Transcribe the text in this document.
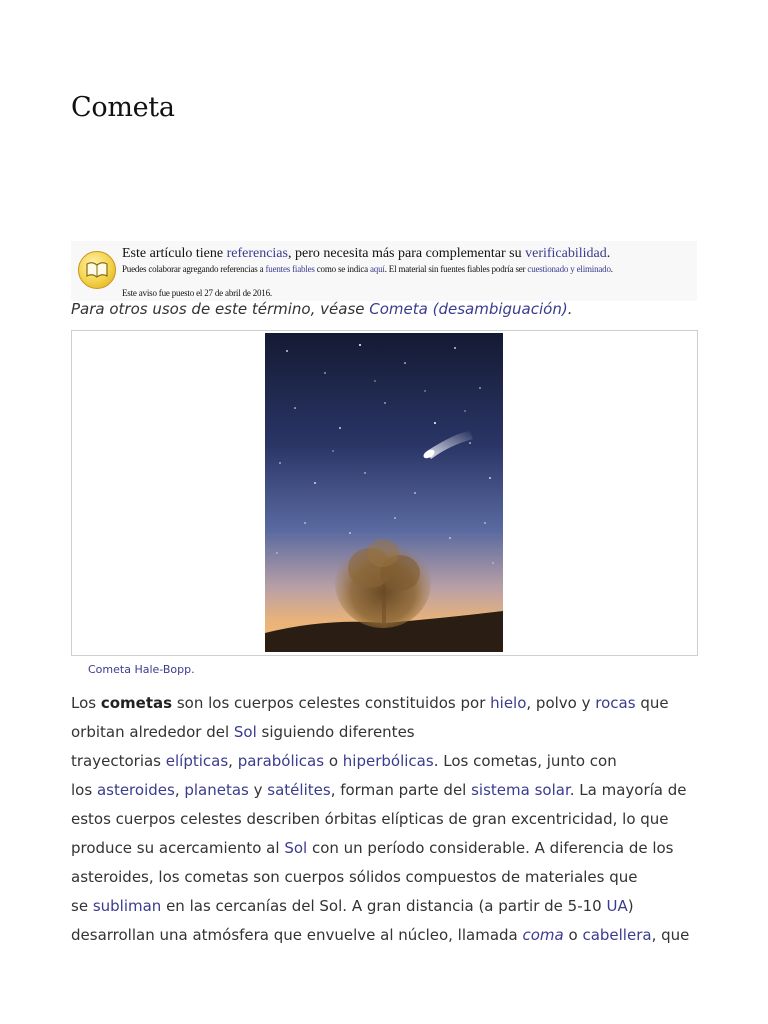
Cometa
Este artículo tiene referencias, pero necesita más para complementar su verificabilidad.
Puedes colaborar agregando referencias a fuentes fiables como se indica aquí. El material sin fuentes fiables podría ser cuestionado y eliminado.
Este aviso fue puesto el 27 de abril de 2016.
Para otros usos de este término, véase Cometa (desambiguación).
Cometa Hale-Bopp.
Los cometas son los cuerpos celestes constituidos por hielo, polvo y rocas que
orbitan alrededor del Sol siguiendo diferentes
trayectorias elípticas, parabólicas o hiperbólicas. Los cometas, junto con
los asteroides, planetas y satélites, forman parte del sistema solar. La mayoría de
estos cuerpos celestes describen órbitas elípticas de gran excentricidad, lo que
produce su acercamiento al Sol con un período considerable. A diferencia de los
asteroides, los cometas son cuerpos sólidos compuestos de materiales que
se subliman en las cercanías del Sol. A gran distancia (a partir de 5-10 UA)
desarrollan una atmósfera que envuelve al núcleo, llamada coma o cabellera, que
